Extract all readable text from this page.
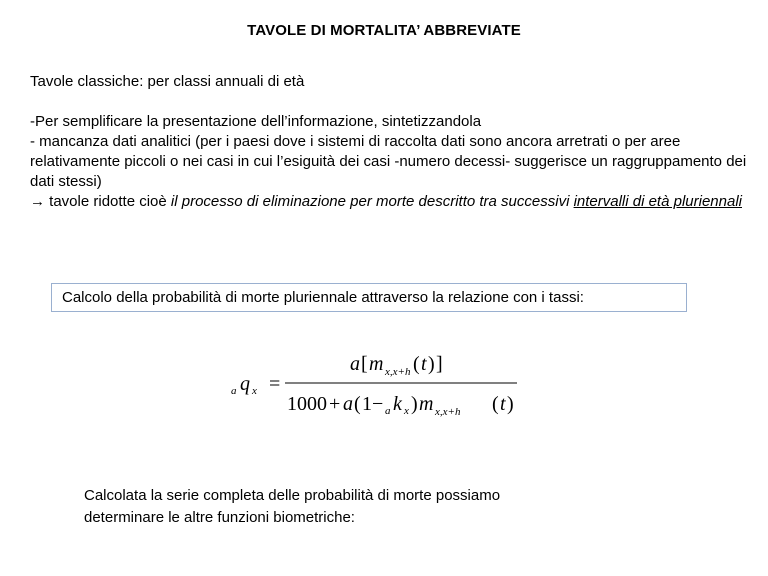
TAVOLE DI MORTALITA’ ABBREVIATE

Tavole classiche: per classi annuali di età

-Per semplificare la presentazione dell’informazione, sintetizzandola

- mancanza dati analitici (per i paesi dove i sistemi di raccolta dati sono ancora arretrati o per aree relativamente piccoli o nei casi in cui l’esiguità dei casi -numero decessi- suggerisce un raggruppamento dei dati stessi)

→ tavole ridotte cioè il processo di eliminazione per morte descritto tra successivi intervalli di età pluriennali

Calcolo della probabilità di morte pluriennale attraverso la relazione con i tassi:
a q x =
a [ m x,x+h ( t ) ]
1000 + a ( 1 − a k x ) m x,x+h ( t )

Calcolata la serie completa delle probabilità di morte possiamo

determinare le altre funzioni biometriche:
